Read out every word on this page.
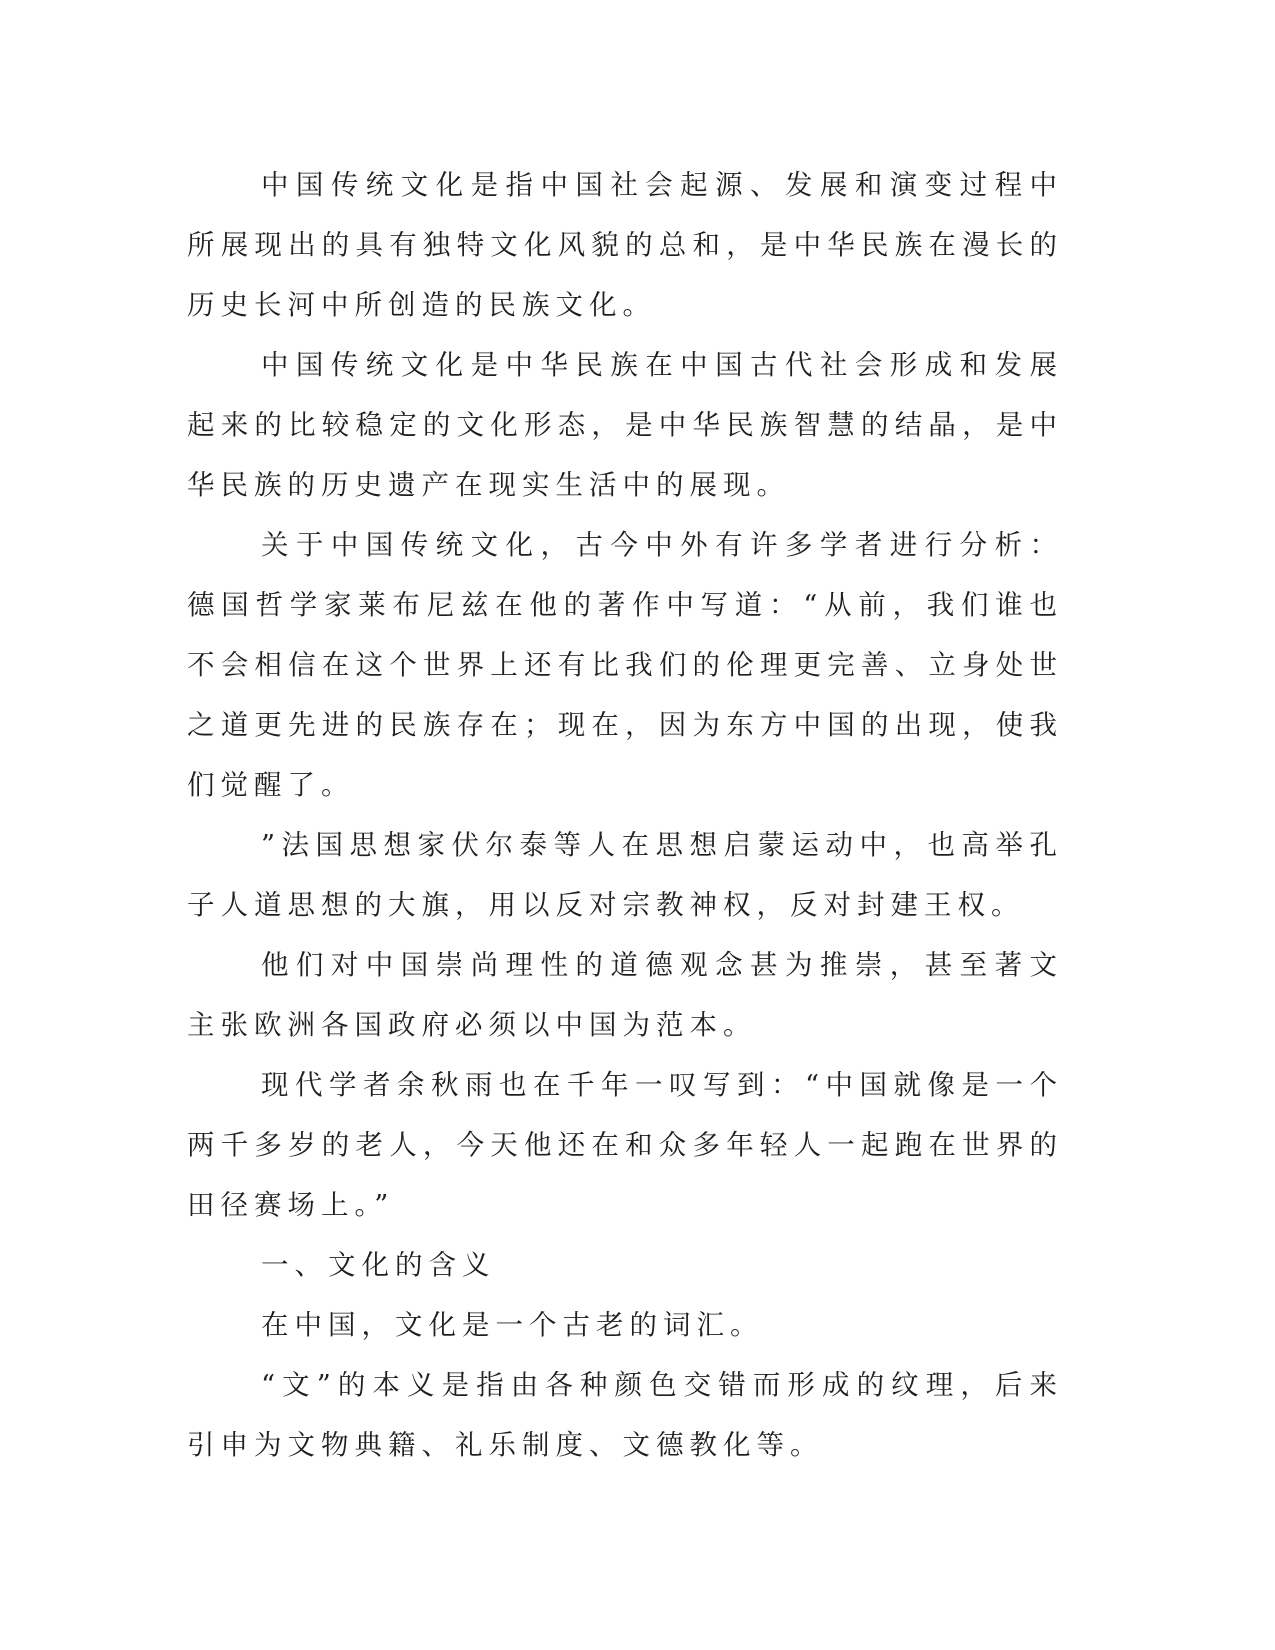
中国传统文化是指中国社会起源、发展和演变过程中所展现出的具有独特文化风貌的总和，是中华民族在漫长的历史长河中所创造的民族文化。

中国传统文化是中华民族在中国古代社会形成和发展起来的比较稳定的文化形态，是中华民族智慧的结晶，是中华民族的历史遗产在现实生活中的展现。

关于中国传统文化，古今中外有许多学者进行分析：德国哲学家莱布尼兹在他的著作中写道：“从前，我们谁也不会相信在这个世界上还有比我们的伦理更完善、立身处世之道更先进的民族存在；现在，因为东方中国的出现，使我们觉醒了。

”法国思想家伏尔泰等人在思想启蒙运动中，也高举孔子人道思想的大旗，用以反对宗教神权，反对封建王权。

他们对中国崇尚理性的道德观念甚为推崇，甚至著文主张欧洲各国政府必须以中国为范本。

现代学者余秋雨也在千年一叹写到：“中国就像是一个两千多岁的老人，今天他还在和众多年轻人一起跑在世界的田径赛场上。”

一、文化的含义

在中国，文化是一个古老的词汇。

“文”的本义是指由各种颜色交错而形成的纹理，后来引申为文物典籍、礼乐制度、文德教化等。
